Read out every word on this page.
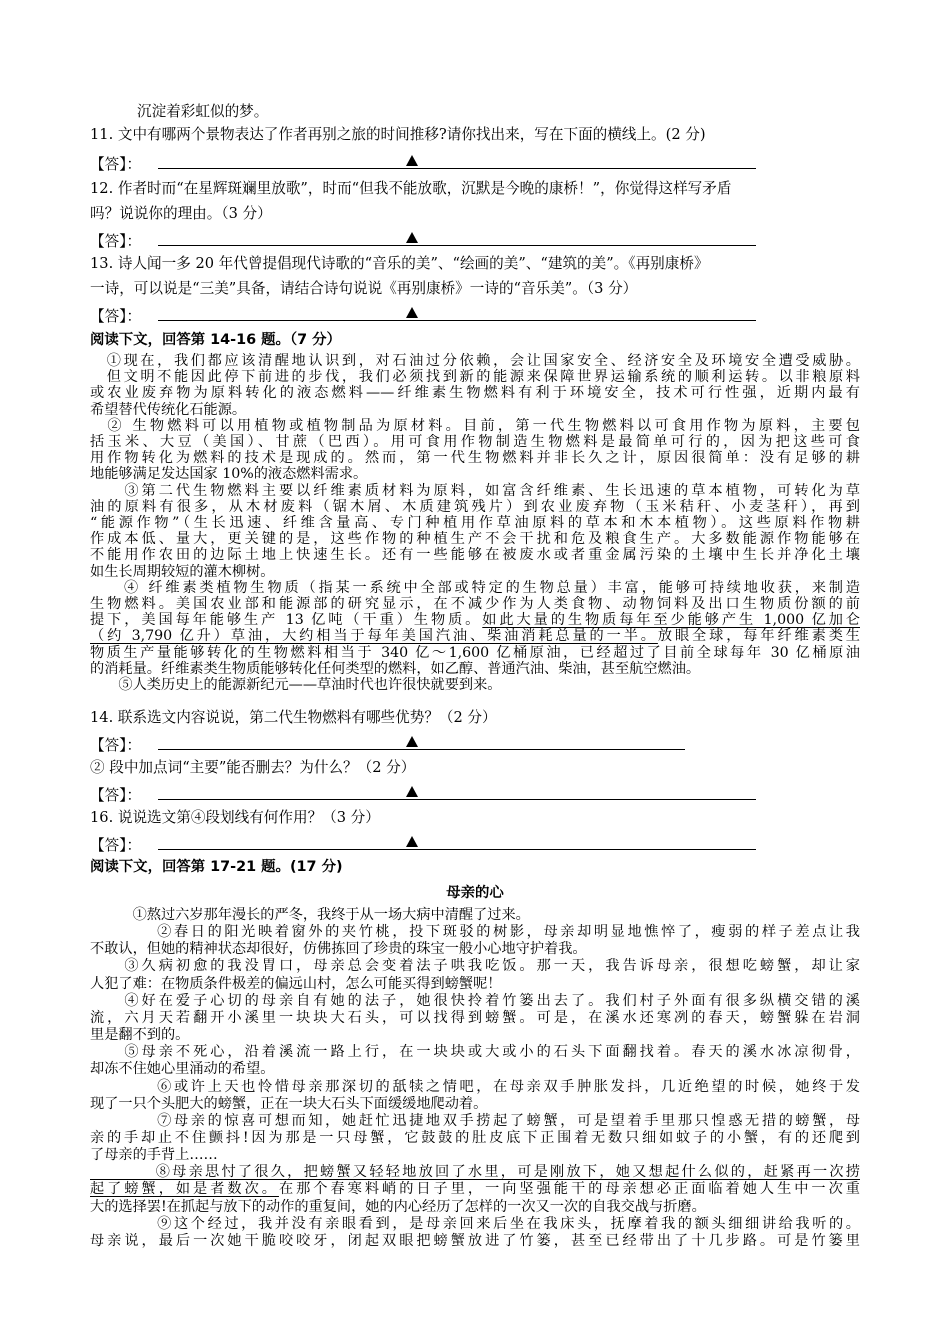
沉淀着彩虹似的梦。
11. 文中有哪两个景物表达了作者再别之旅的时间推移?请你找出来，写在下面的横线上。(2 分)
【答】：
12. 作者时而“在星辉斑斓里放歌”，时而“但我不能放歌，沉默是今晚的康桥！”，你觉得这样写矛盾
吗？说说你的理由。（3 分）
【答】：
13. 诗人闻一多 20 年代曾提倡现代诗歌的“音乐的美”、“绘画的美”、“建筑的美”。《再别康桥》
一诗，可以说是“三美”具备，请结合诗句说说《再别康桥》一诗的“音乐美”。（3 分）
【答】：
阅读下文，回答第 14-16 题。（7 分）
　①现在，我们都应该清醒地认识到，对石油过分依赖，会让国家安全、经济安全及环境安全遭受威胁。
　但文明不能因此停下前进的步伐，我们必须找到新的能源来保障世界运输系统的顺利运转。以非粮原料
或农业废弃物为原料转化的液态燃料——纤维素生物燃料有利于环境安全，技术可行性强，近期内最有
希望替代传统化石能源。
　② 生物燃料可以用植物或植物制品为原材料。目前，第一代生物燃料以可食用作物为原料，主要包
括玉米、大豆（美国）、甘蔗（巴西）。用可食用作物制造生物燃料是最简单可行的，因为把这些可食
用作物转化为燃料的技术是现成的。然而，第一代生物燃料并非长久之计，原因很简单：没有足够的耕
地能够满足发达国家 10%的液态燃料需求。
　　③第二代生物燃料主要以纤维素质材料为原料，如富含纤维素、生长迅速的草本植物，可转化为草
油的原料有很多，从木材废料（锯木屑、木质建筑残片）到农业废弃物（玉米秸秆、小麦茎秆），再到
“能源作物”（生长迅速、纤维含量高、专门种植用作草油原料的草本和木本植物）。这些原料作物耕
作成本低、量大，更关键的是，这些作物的种植生产不会干扰和危及粮食生产。大多数能源作物能够在
不能用作农田的边际土地上快速生长。还有一些能够在被废水或者重金属污染的土壤中生长并净化土壤
如生长周期较短的灌木柳树。
　　④ 纤维素类植物生物质（指某一系统中全部或特定的生物总量）丰富，能够可持续地收获，来制造
生物燃料。美国农业部和能源部的研究显示，在不减少作为人类食物、动物饲料及出口生物质份额的前
提下，美国每年能够生产 13 亿吨（干重）生物质。如此大量的生物质每年至少能够产生 1,000 亿加仑
（约 3,790 亿升）草油，大约相当于每年美国汽油、柴油消耗总量的一半。放眼全球，每年纤维素类生
物质生产量能够转化的生物燃料相当于 340 亿～1,600 亿桶原油，已经超过了目前全球每年 30 亿桶原油
的消耗量。纤维素类生物质能够转化任何类型的燃料，如乙醇、普通汽油、柴油，甚至航空燃油。
　　⑤人类历史上的能源新纪元——草油时代也许很快就要到来。
14. 联系选文内容说说，第二代生物燃料有哪些优势？（2 分）
【答】：
② 段中加点词“主要”能否删去？为什么？（2 分）
【答】：
16. 说说选文第④段划线有何作用？（3 分）
【答】：
阅读下文，回答第 17-21 题。(17 分)
母亲的心
　　　①熬过六岁那年漫长的严冬，我终于从一场大病中清醒了过来。
　　　　②春日的阳光映着窗外的夹竹桃，投下斑驳的树影，母亲却明显地憔悴了，瘦弱的样子差点让我
不敢认，但她的精神状态却很好，仿佛拣回了珍贵的珠宝一般小心地守护着我。
　　③久病初愈的我没胃口，母亲总会变着法子哄我吃饭。那一天，我告诉母亲，很想吃螃蟹，却让家
人犯了难：在物质条件极差的偏远山村，怎么可能买得到螃蟹呢！
　　④好在爱子心切的母亲自有她的法子，她很快拎着竹篓出去了。我们村子外面有很多纵横交错的溪
流，六月天若翻开小溪里一块块大石头，可以找得到螃蟹。可是，在溪水还寒冽的春天，螃蟹躲在岩洞
里是翻不到的。
　　⑤母亲不死心，沿着溪流一路上行，在一块块或大或小的石头下面翻找着。春天的溪水冰凉彻骨，
却冻不住她心里涌动的希望。
　　　　⑥或许上天也怜惜母亲那深切的舐犊之情吧，在母亲双手肿胀发抖，几近绝望的时候，她终于发
现了一只个头肥大的螃蟹，正在一块大石头下面缓缓地爬动着。
　　　　⑦母亲的惊喜可想而知，她赶忙迅捷地双手捞起了螃蟹，可是望着手里那只惶惑无措的螃蟹，母
亲的手却止不住颤抖!因为那是一只母蟹，它鼓鼓的肚皮底下正围着无数只细如蚊子的小蟹，有的还爬到
了母亲的手背上……
　　　　⑧母亲思忖了很久，把螃蟹又轻轻地放回了水里，可是刚放下，她又想起什么似的，赶紧再一次捞
起了螃蟹，如是者数次。在那个春寒料峭的日子里，一向坚强能干的母亲想必正面临着她人生中一次重
大的选择罢!在抓起与放下的动作的重复间，她的内心经历了怎样的一次又一次的自我交战与折磨。
　　　　⑨这个经过，我并没有亲眼看到，是母亲回来后坐在我床头，抚摩着我的额头细细讲给我听的。
母亲说，最后一次她干脆咬咬牙，闭起双眼把螃蟹放进了竹篓，甚至已经带出了十几步路。可是竹篓里
